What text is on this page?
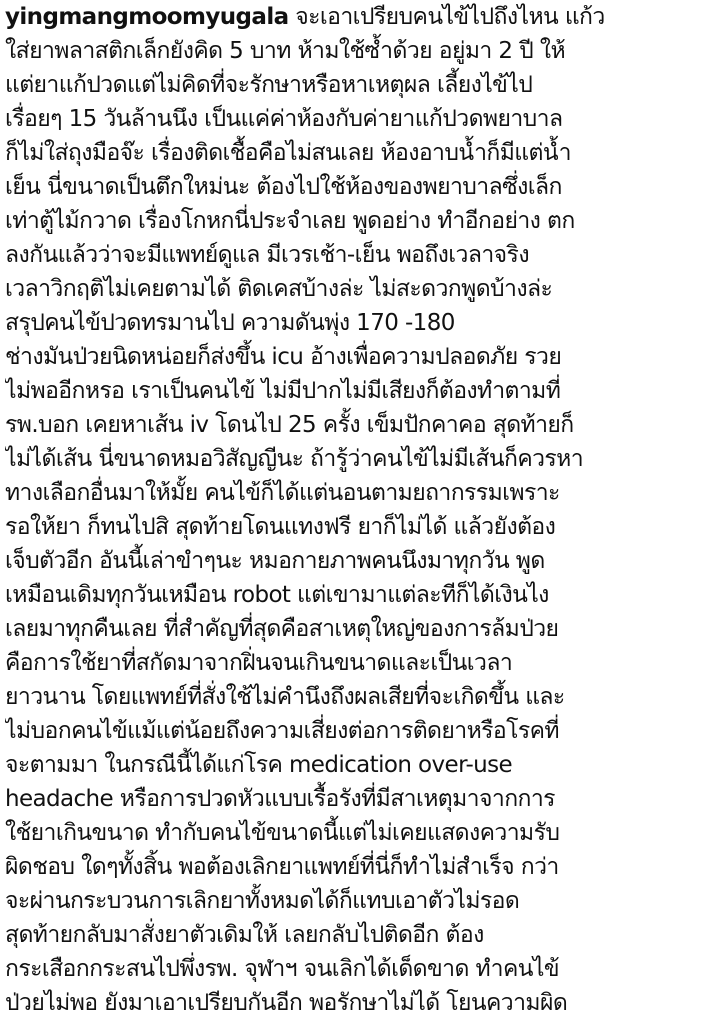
yingmangmoomyugala จะเอาเปรียบคนไข้ไปถึงไหน แก้ว
ใส่ยาพลาสติกเล็กยังคิด 5 บาท ห้ามใช้ซ้ำด้วย อยู่มา 2 ปี ให้
แต่ยาแก้ปวดแต่ไม่คิดที่จะรักษาหรือหาเหตุผล เลี้ยงไข้ไป
เรื่อยๆ 15 วันล้านนึง เป็นแค่ค่าห้องกับค่ายาแก้ปวดพยาบาล
ก็ไม่ใส่ถุงมือจ๊ะ เรื่องติดเชื้อคือไม่สนเลย ห้องอาบน้ำก็มีแต่น้ำ
เย็น นี่ขนาดเป็นตึกใหม่นะ ต้องไปใช้ห้องของพยาบาลซึ่งเล็ก
เท่าตู้ไม้กวาด เรื่องโกหกนี่ประจำเลย พูดอย่าง ทำอีกอย่าง ตก
ลงกันแล้วว่าจะมีแพทย์ดูแล มีเวรเช้า-เย็น พอถึงเวลาจริง
เวลาวิกฤติไม่เคยตามได้ ติดเคสบ้างล่ะ ไม่สะดวกพูดบ้างล่ะ
สรุปคนไข้ปวดทรมานไป ความดันพุ่ง 170 -180
ช่างมันป่วยนิดหน่อยก็ส่งขึ้น icu อ้างเพื่อความปลอดภัย รวย
ไม่พออีกหรอ เราเป็นคนไข้ ไม่มีปากไม่มีเสียงก็ต้องทำตามที่
รพ.บอก เคยหาเส้น iv โดนไป 25 ครั้ง เข็มปักคาคอ สุดท้ายก็
ไม่ได้เส้น นี่ขนาดหมอวิสัญญีนะ ถ้ารู้ว่าคนไข้ไม่มีเส้นก็ควรหา
ทางเลือกอื่นมาให้มั้ย คนไข้ก็ได้แต่นอนตามยถากรรมเพราะ
รอให้ยา ก็ทนไปสิ สุดท้ายโดนแทงฟรี ยาก็ไม่ได้ แล้วยังต้อง
เจ็บตัวอีก อันนี้เล่าขำๆนะ หมอกายภาพคนนึงมาทุกวัน พูด
เหมือนเดิมทุกวันเหมือน robot แต่เขามาแต่ละทีก็ได้เงินไง
เลยมาทุกคืนเลย ที่สำคัญที่สุดคือสาเหตุใหญ่ของการล้มป่วย
คือการใช้ยาที่สกัดมาจากฝิ่นจนเกินขนาดและเป็นเวลา
ยาวนาน โดยแพทย์ที่สั่งใช้ไม่คำนึงถึงผลเสียที่จะเกิดขึ้น และ
ไม่บอกคนไข้แม้แต่น้อยถึงความเสี่ยงต่อการติดยาหรือโรคที่
จะตามมา ในกรณีนี้ได้แก่โรค medication over-use
headache หรือการปวดหัวแบบเรื้อรังที่มีสาเหตุมาจากการ
ใช้ยาเกินขนาด ทำกับคนไข้ขนาดนี้แต่ไม่เคยแสดงความรับ
ผิดชอบ ใดๆทั้งสิ้น พอต้องเลิกยาแพทย์ที่นี่ก็ทำไม่สำเร็จ กว่า
จะผ่านกระบวนการเลิกยาทั้งหมดได้ก็แทบเอาตัวไม่รอด
สุดท้ายกลับมาสั่งยาตัวเดิมให้ เลยกลับไปติดอีก ต้อง
กระเสือกกระสนไปพึ่งรพ. จุฬาฯ จนเลิกได้เด็ดขาด ทำคนไข้
ป่วยไม่พอ ยังมาเอาเปรียบกันอีก พอรักษาไม่ได้ โยนความผิด
